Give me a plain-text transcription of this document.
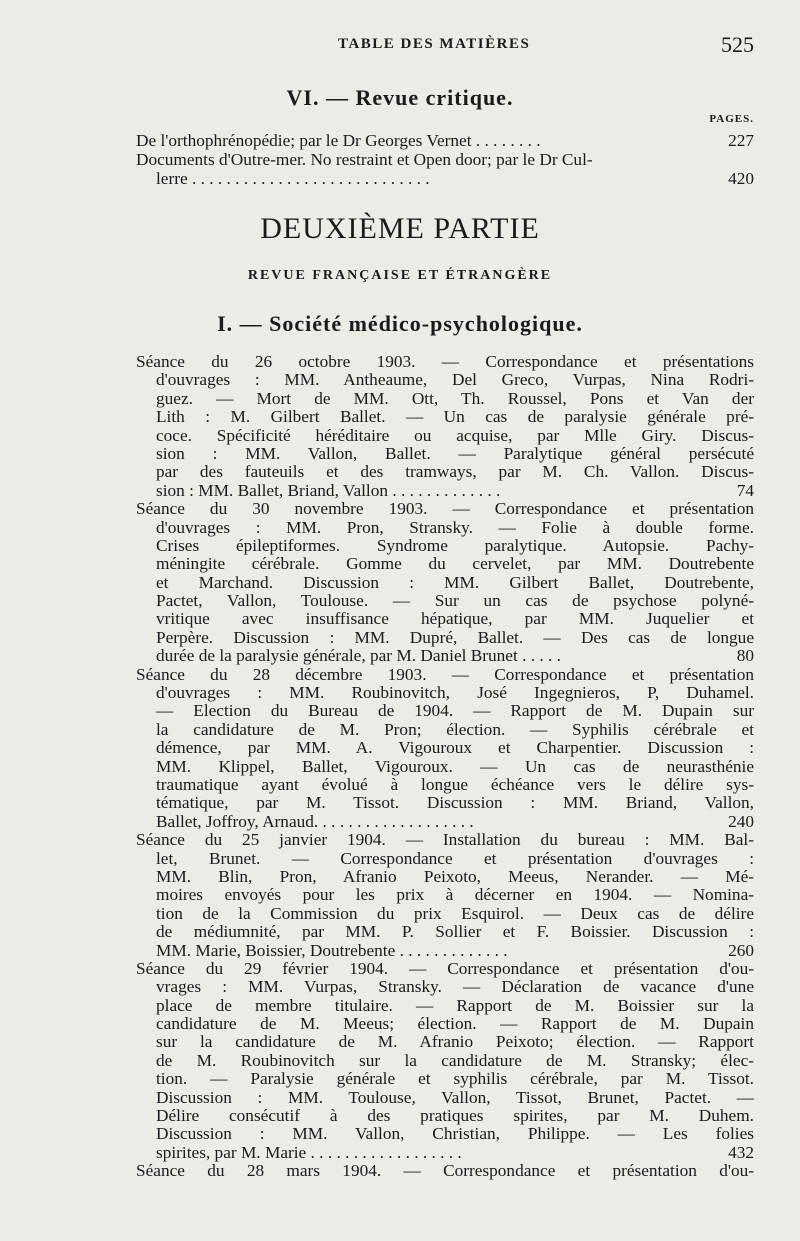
TABLE DES MATIÈRES	525
VI. — Revue critique.
PAGES.
De l'orthophrénopédie; par le Dr Georges Vernet . . . . . . . .	227
Documents d'Outre-mer. No restraint et Open door; par le Dr Cul-
lerre . . . . . . . . . . . . . . . . . . . . . . . . . . . .	420
DEUXIÈME PARTIE
REVUE FRANÇAISE ET ÉTRANGÈRE
I. — Société médico-psychologique.
Séance du 26 octobre 1903. — Correspondance et présentations
d'ouvrages : MM. Antheaume, Del Greco, Vurpas, Nina Rodri-
guez. — Mort de MM. Ott, Th. Roussel, Pons et Van der
Lith : M. Gilbert Ballet. — Un cas de paralysie générale pré-
coce. Spécificité héréditaire ou acquise, par Mlle Giry. Discus-
sion : MM. Vallon, Ballet. — Paralytique général persécuté
par des fauteuils et des tramways, par M. Ch. Vallon. Discus-
sion : MM. Ballet, Briand, Vallon . . . . . . . . . . . . .	74
Séance du 30 novembre 1903. — Correspondance et présentation
d'ouvrages : MM. Pron, Stransky. — Folie à double forme.
Crises épileptiformes. Syndrome paralytique. Autopsie. Pachy-
méningite cérébrale. Gomme du cervelet, par MM. Doutrebente
et Marchand. Discussion : MM. Gilbert Ballet, Doutrebente,
Pactet, Vallon, Toulouse. — Sur un cas de psychose polyné-
vritique avec insuffisance hépatique, par MM. Juquelier et
Perpère. Discussion : MM. Dupré, Ballet. — Des cas de longue
durée de la paralysie générale, par M. Daniel Brunet . . . . .	80
Séance du 28 décembre 1903. — Correspondance et présentation
d'ouvrages : MM. Roubinovitch, José Ingegnieros, P, Duhamel.
— Election du Bureau de 1904. — Rapport de M. Dupain sur
la candidature de M. Pron; élection. — Syphilis cérébrale et
démence, par MM. A. Vigouroux et Charpentier. Discussion :
MM. Klippel, Ballet, Vigouroux. — Un cas de neurasthénie
traumatique ayant évolué à longue échéance vers le délire sys-
tématique, par M. Tissot. Discussion : MM. Briand, Vallon,
Ballet, Joffroy, Arnaud. . . . . . . . . . . . . . . . . . .	240
Séance du 25 janvier 1904. — Installation du bureau : MM. Bal-
let, Brunet. — Correspondance et présentation d'ouvrages :
MM. Blin, Pron, Afranio Peixoto, Meeus, Nerander. — Mé-
moires envoyés pour les prix à décerner en 1904. — Nomina-
tion de la Commission du prix Esquirol. — Deux cas de délire
de médiumnité, par MM. P. Sollier et F. Boissier. Discussion :
MM. Marie, Boissier, Doutrebente . . . . . . . . . . . . .	260
Séance du 29 février 1904. — Correspondance et présentation d'ou-
vrages : MM. Vurpas, Stransky. — Déclaration de vacance d'une
place de membre titulaire. — Rapport de M. Boissier sur la
candidature de M. Meeus; élection. — Rapport de M. Dupain
sur la candidature de M. Afranio Peixoto; élection. — Rapport
de M. Roubinovitch sur la candidature de M. Stransky; élec-
tion. — Paralysie générale et syphilis cérébrale, par M. Tissot.
Discussion : MM. Toulouse, Vallon, Tissot, Brunet, Pactet. —
Délire consécutif à des pratiques spirites, par M. Duhem.
Discussion : MM. Vallon, Christian, Philippe. — Les folies
spirites, par M. Marie . . . . . . . . . . . . . . . . . .	432
Séance du 28 mars 1904. — Correspondance et présentation d'ou-
